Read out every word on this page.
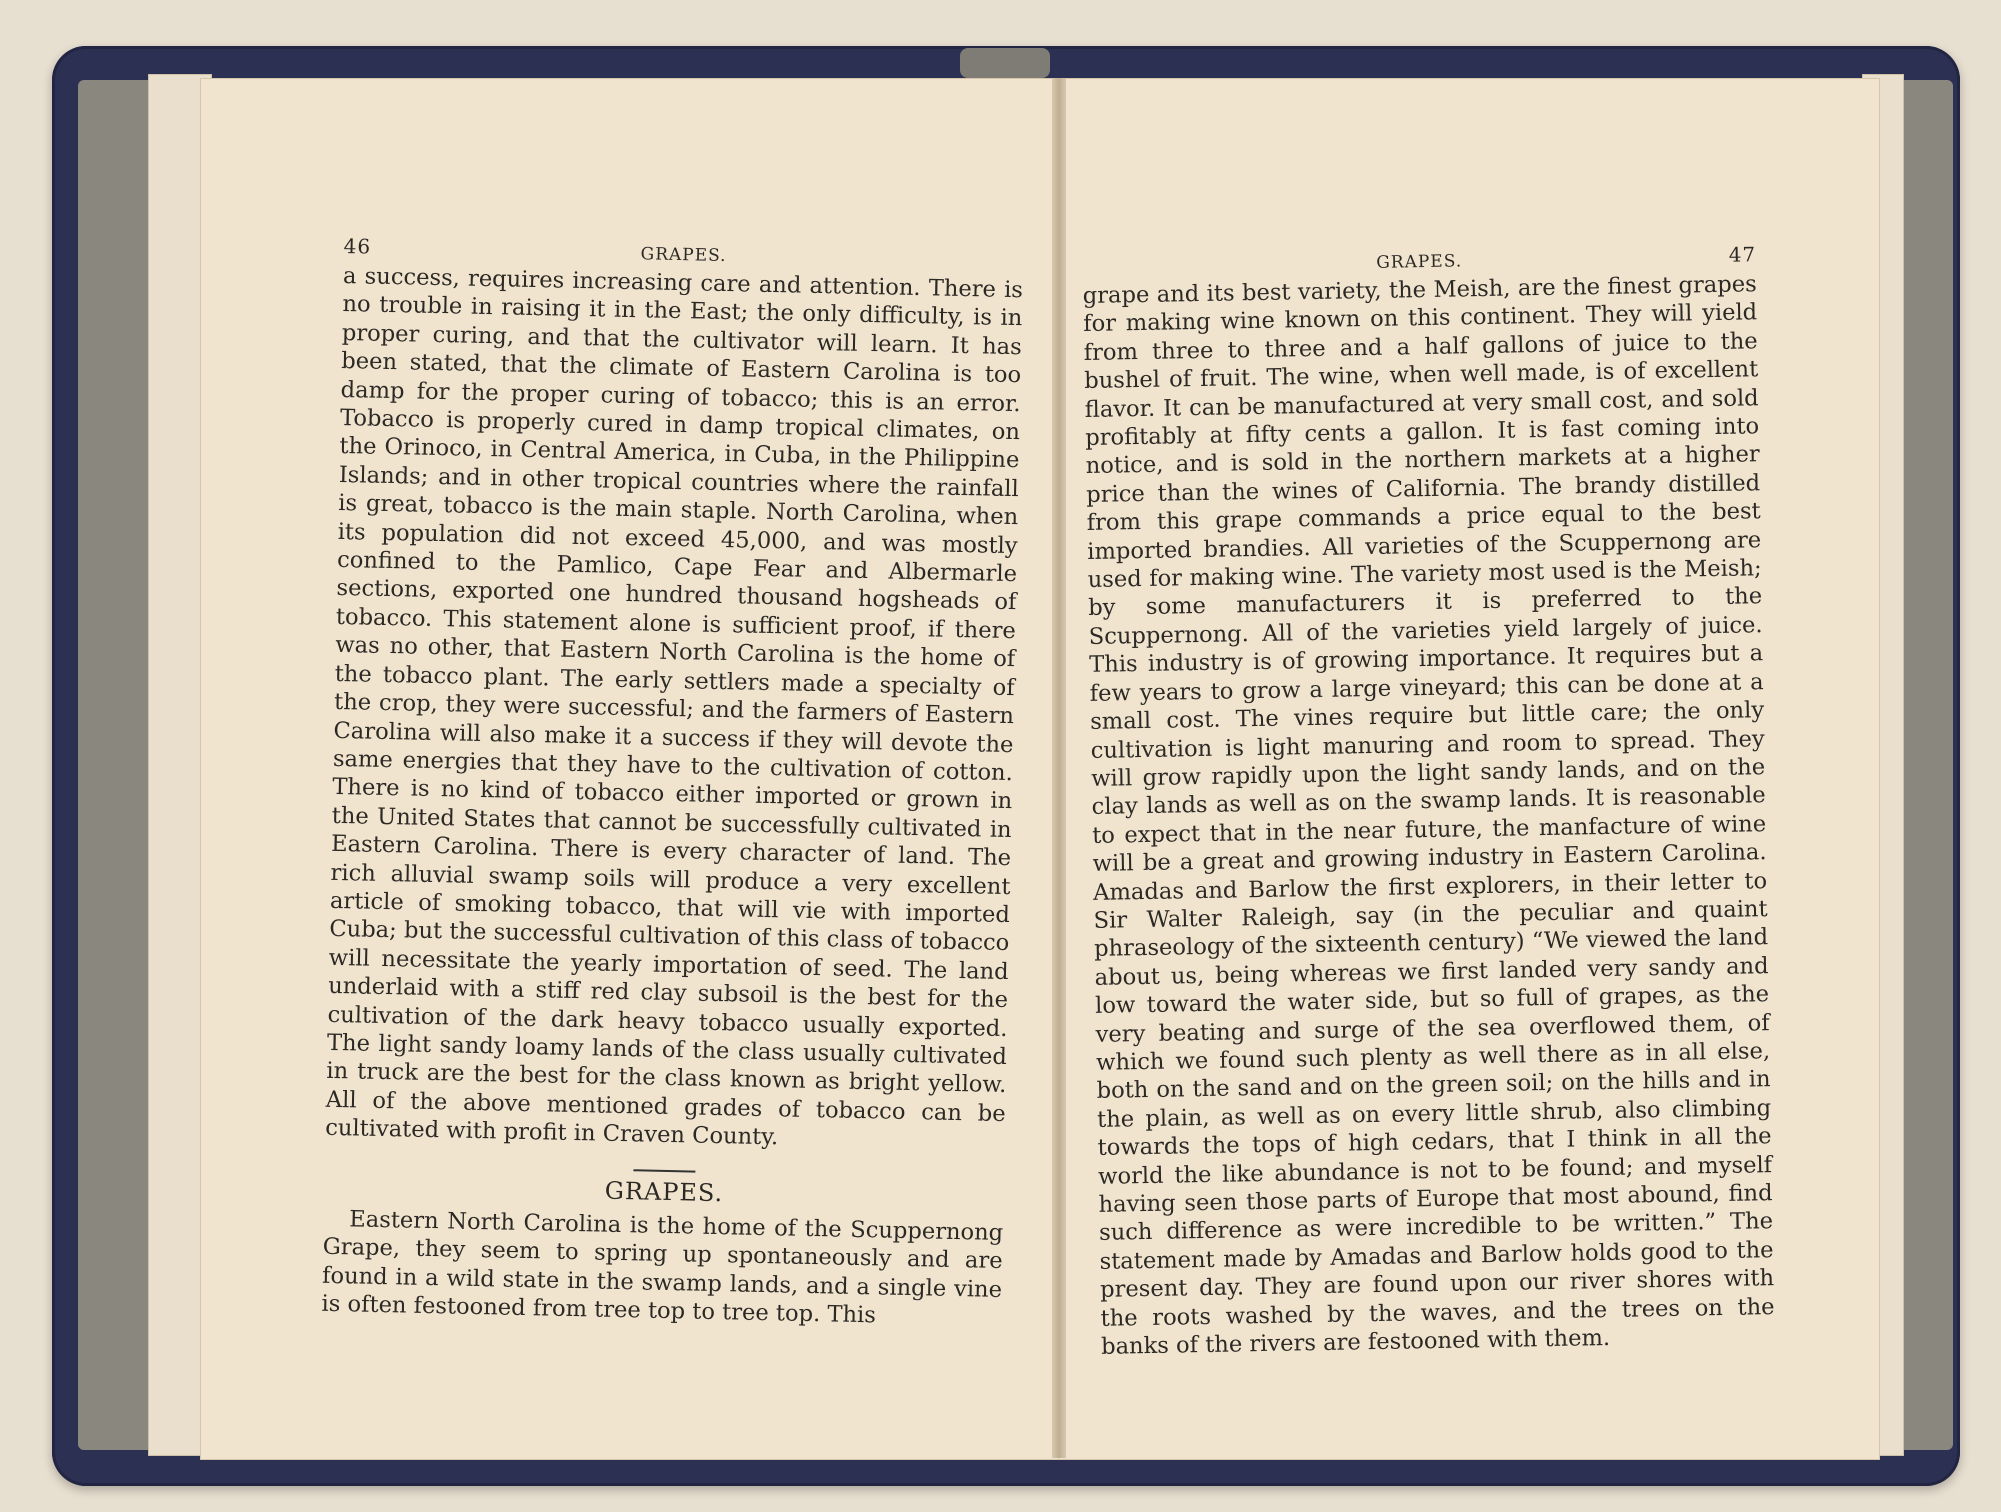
46	GRAPES.

a success, requires increasing care and attention. There is no trouble in raising it in the East; the only difficulty, is in proper curing, and that the cultivator will learn. It has been stated, that the climate of Eastern Carolina is too damp for the proper curing of tobacco; this is an error. Tobacco is properly cured in damp tropical climates, on the Orinoco, in Central America, in Cuba, in the Philippine Islands; and in other tropical countries where the rainfall is great, tobacco is the main staple. North Carolina, when its population did not exceed 45,000, and was mostly confined to the Pamlico, Cape Fear and Albermarle sections, exported one hundred thousand hogsheads of tobacco. This statement alone is sufficient proof, if there was no other, that Eastern North Carolina is the home of the tobacco plant. The early settlers made a specialty of the crop, they were successful; and the farmers of Eastern Carolina will also make it a success if they will devote the same energies that they have to the cultivation of cotton. There is no kind of tobacco either imported or grown in the United States that cannot be successfully cultivated in Eastern Carolina. There is every character of land. The rich alluvial swamp soils will produce a very excellent article of smoking tobacco, that will vie with imported Cuba; but the successful cultivation of this class of tobacco will necessitate the yearly importation of seed. The land underlaid with a stiff red clay subsoil is the best for the cultivation of the dark heavy tobacco usually exported. The light sandy loamy lands of the class usually cultivated in truck are the best for the class known as bright yellow. All of the above mentioned grades of tobacco can be cultivated with profit in Craven County.

GRAPES.

Eastern North Carolina is the home of the Scuppernong Grape, they seem to spring up spontaneously and are found in a wild state in the swamp lands, and a single vine is often festooned from tree top to tree top. This

GRAPES.	47

grape and its best variety, the Meish, are the finest grapes for making wine known on this continent. They will yield from three to three and a half gallons of juice to the bushel of fruit. The wine, when well made, is of excellent flavor. It can be manufactured at very small cost, and sold profitably at fifty cents a gallon. It is fast coming into notice, and is sold in the northern markets at a higher price than the wines of California. The brandy distilled from this grape commands a price equal to the best imported brandies. All varieties of the Scuppernong are used for making wine. The variety most used is the Meish; by some manufacturers it is preferred to the Scuppernong. All of the varieties yield largely of juice. This industry is of growing importance. It requires but a few years to grow a large vineyard; this can be done at a small cost. The vines require but little care; the only cultivation is light manuring and room to spread. They will grow rapidly upon the light sandy lands, and on the clay lands as well as on the swamp lands. It is reasonable to expect that in the near future, the manfacture of wine will be a great and growing industry in Eastern Carolina. Amadas and Barlow the first explorers, in their letter to Sir Walter Raleigh, say (in the peculiar and quaint phraseology of the sixteenth century) “We viewed the land about us, being whereas we first landed very sandy and low toward the water side, but so full of grapes, as the very beating and surge of the sea overflowed them, of which we found such plenty as well there as in all else, both on the sand and on the green soil; on the hills and in the plain, as well as on every little shrub, also climbing towards the tops of high cedars, that I think in all the world the like abundance is not to be found; and myself having seen those parts of Europe that most abound, find such difference as were incredible to be written.” The statement made by Amadas and Barlow holds good to the present day. They are found upon our river shores with the roots washed by the waves, and the trees on the banks of the rivers are festooned with them.
